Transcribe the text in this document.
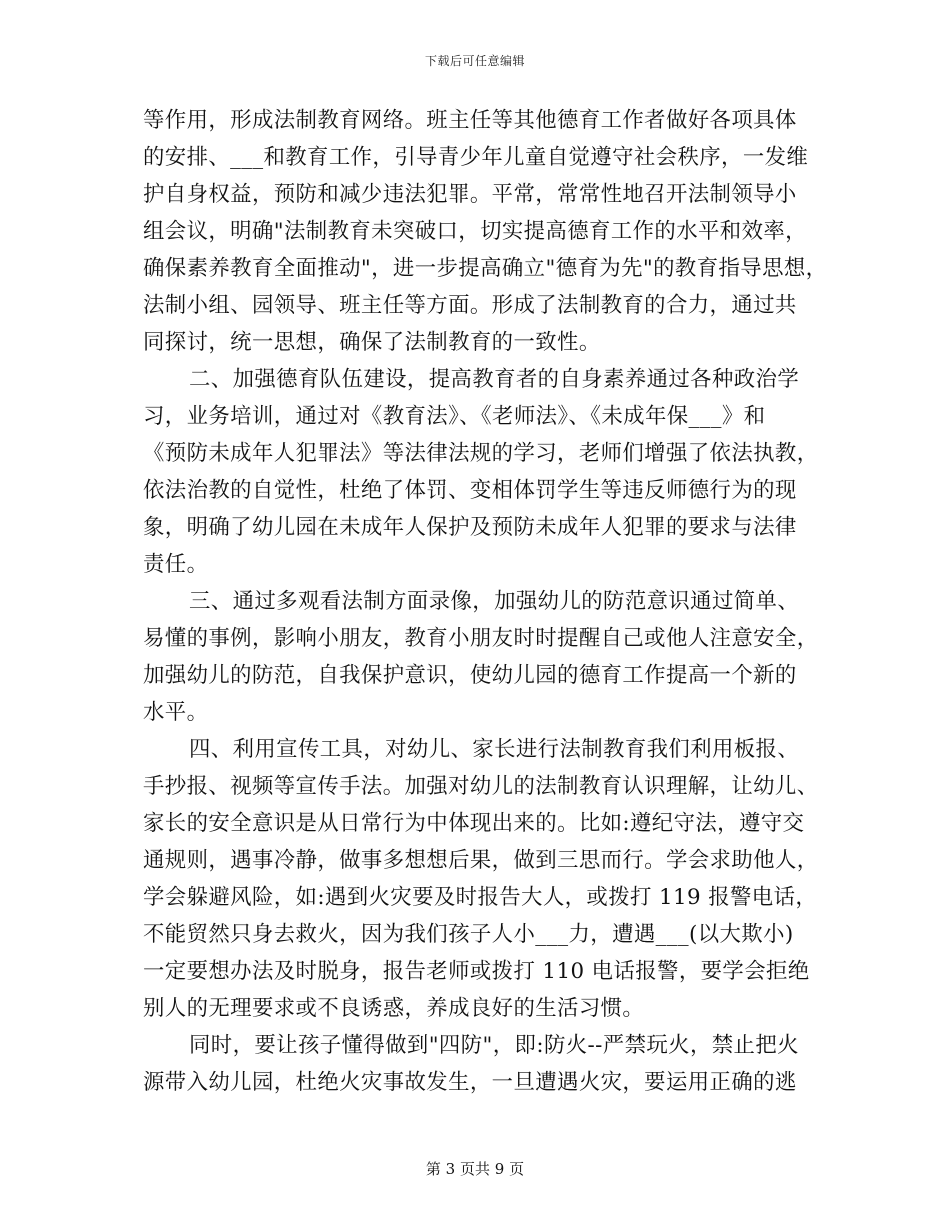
下载后可任意编辑
等作用，形成法制教育网络。班主任等其他德育工作者做好各项具体
的安排、___和教育工作，引导青少年儿童自觉遵守社会秩序，一发维
护自身权益，预防和减少违法犯罪。平常，常常性地召开法制领导小
组会议，明确"法制教育未突破口，切实提高德育工作的水平和效率，
确保素养教育全面推动"，进一步提高确立"德育为先"的教育指导思想，
法制小组、园领导、班主任等方面。形成了法制教育的合力，通过共
同探讨，统一思想，确保了法制教育的一致性。
二、加强德育队伍建设，提高教育者的自身素养通过各种政治学
习，业务培训，通过对《教育法》、《老师法》、《未成年保___》和
《预防未成年人犯罪法》等法律法规的学习，老师们增强了依法执教，
依法治教的自觉性，杜绝了体罚、变相体罚学生等违反师德行为的现
象，明确了幼儿园在未成年人保护及预防未成年人犯罪的要求与法律
责任。
三、通过多观看法制方面录像，加强幼儿的防范意识通过简单、
易懂的事例，影响小朋友，教育小朋友时时提醒自己或他人注意安全，
加强幼儿的防范，自我保护意识，使幼儿园的德育工作提高一个新的
水平。
四、利用宣传工具，对幼儿、家长进行法制教育我们利用板报、
手抄报、视频等宣传手法。加强对幼儿的法制教育认识理解，让幼儿、
家长的安全意识是从日常行为中体现出来的。比如:遵纪守法，遵守交
通规则，遇事冷静，做事多想想后果，做到三思而行。学会求助他人，
学会躲避风险，如:遇到火灾要及时报告大人，或拨打 119 报警电话，
不能贸然只身去救火，因为我们孩子人小___力，遭遇___(以大欺小)
一定要想办法及时脱身，报告老师或拨打 110 电话报警，要学会拒绝
别人的无理要求或不良诱惑，养成良好的生活习惯。
同时，要让孩子懂得做到"四防"，即:防火--严禁玩火，禁止把火
源带入幼儿园，杜绝火灾事故发生，一旦遭遇火灾，要运用正确的逃
第 3 页共 9 页
